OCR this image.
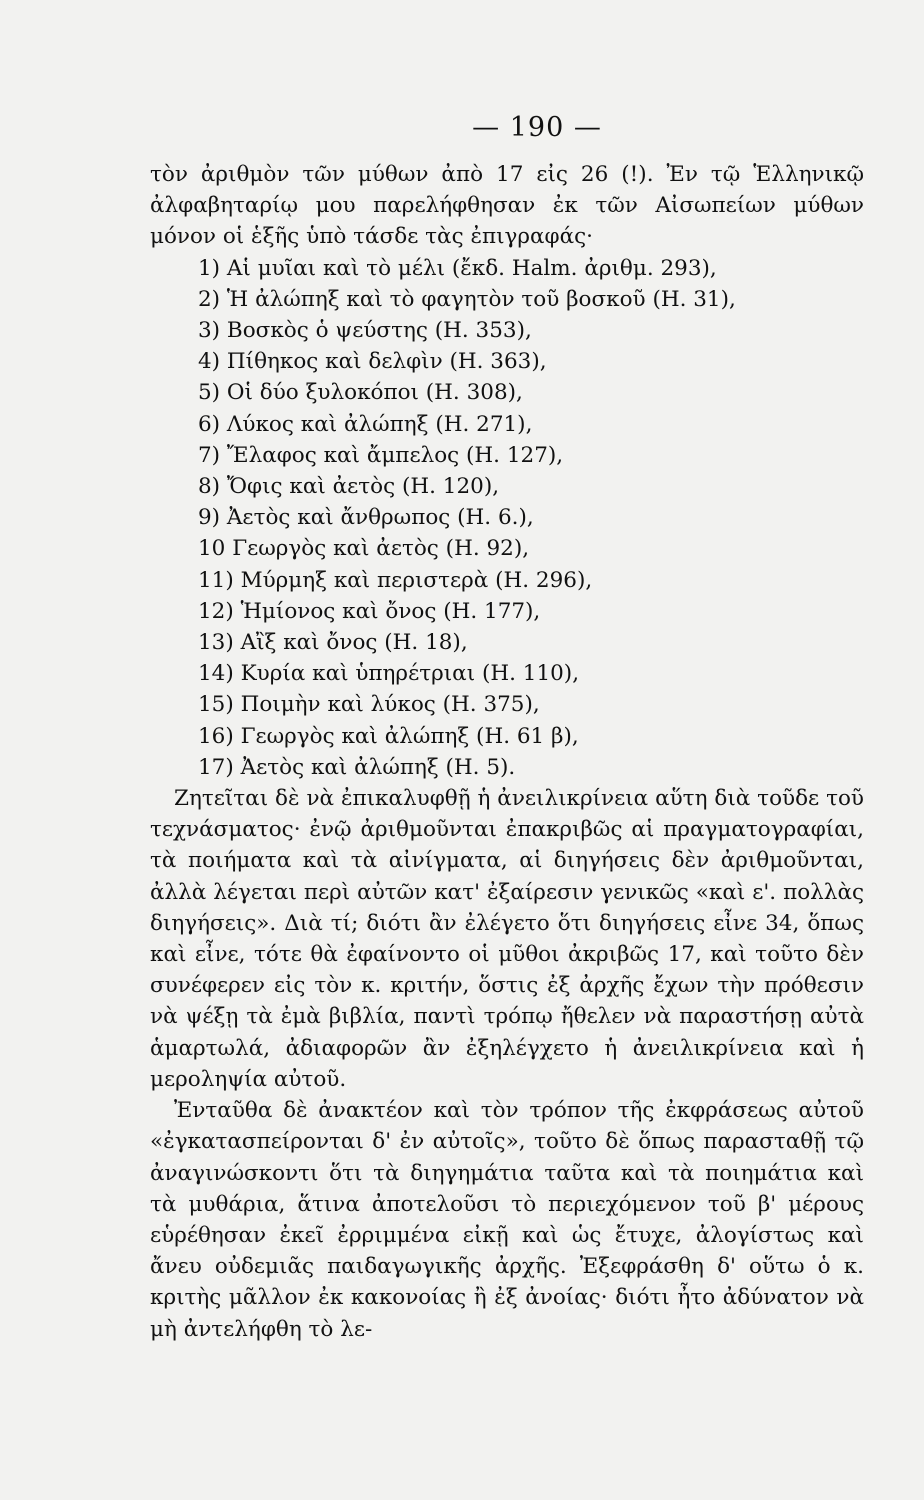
— 190 —

τὸν ἀριθμὸν τῶν μύθων ἀπὸ 17 εἰς 26 (!). Ἐν τῷ Ἑλληνικῷ ἀλφαβηταρίῳ μου παρελήφθησαν ἐκ τῶν Αἰσωπείων μύθων μόνον οἱ ἑξῆς ὑπὸ τάσδε τὰς ἐπιγραφάς·

1) Αἱ μυῖαι καὶ τὸ μέλι (ἔκδ. Halm. ἀριθμ. 293),
2) Ἡ ἀλώπηξ καὶ τὸ φαγητὸν τοῦ βοσκοῦ (Η. 31),
3) Βοσκὸς ὁ ψεύστης (Η. 353),
4) Πίθηκος καὶ δελφὶν (Η. 363),
5) Οἱ δύο ξυλοκόποι (Η. 308),
6) Λύκος καὶ ἀλώπηξ (Η. 271),
7) Ἔλαφος καὶ ἄμπελος (Η. 127),
8) Ὄφις καὶ ἀετὸς (Η. 120),
9) Ἀετὸς καὶ ἄνθρωπος (Η. 6.),
10 Γεωργὸς καὶ ἀετὸς (Η. 92),
11) Μύρμηξ καὶ περιστερὰ (Η. 296),
12) Ἡμίονος καὶ ὄνος (Η. 177),
13) Αἲξ καὶ ὄνος (Η. 18),
14) Κυρία καὶ ὑπηρέτριαι (Η. 110),
15) Ποιμὴν καὶ λύκος (Η. 375),
16) Γεωργὸς καὶ ἀλώπηξ (Η. 61 β),
17) Ἀετὸς καὶ ἀλώπηξ (Η. 5).

Ζητεῖται δὲ νὰ ἐπικαλυφθῇ ἡ ἀνειλικρίνεια αὕτη διὰ τοῦδε τοῦ τεχνάσματος· ἐνῷ ἀριθμοῦνται ἐπακριβῶς αἱ πραγματογραφίαι, τὰ ποιήματα καὶ τὰ αἰνίγματα, αἱ διηγήσεις δὲν ἀριθμοῦνται, ἀλλὰ λέγεται περὶ αὐτῶν κατ' ἐξαίρεσιν γενικῶς «καὶ ε'. πολλὰς διηγήσεις». Διὰ τί; διότι ἂν ἐλέγετο ὅτι διηγήσεις εἶνε 34, ὅπως καὶ εἶνε, τότε θὰ ἐφαίνοντο οἱ μῦθοι ἀκριβῶς 17, καὶ τοῦτο δὲν συνέφερεν εἰς τὸν κ. κριτήν, ὅστις ἐξ ἀρχῆς ἔχων τὴν πρόθεσιν νὰ ψέξῃ τὰ ἐμὰ βιβλία, παντὶ τρόπῳ ἤθελεν νὰ παραστήσῃ αὐτὰ ἁμαρτωλά, ἀδιαφορῶν ἂν ἐξηλέγχετο ἡ ἀνειλικρίνεια καὶ ἡ μεροληψία αὐτοῦ.

Ἐνταῦθα δὲ ἀνακτέον καὶ τὸν τρόπον τῆς ἐκφράσεως αὐτοῦ «ἐγκατασπείρονται δ' ἐν αὐτοῖς», τοῦτο δὲ ὅπως παρασταθῇ τῷ ἀναγινώσκοντι ὅτι τὰ διηγημάτια ταῦτα καὶ τὰ ποιημάτια καὶ τὰ μυθάρια, ἅτινα ἀποτελοῦσι τὸ περιεχόμενον τοῦ β' μέρους εὑρέθησαν ἐκεῖ ἐρριμμένα εἰκῇ καὶ ὡς ἔτυχε, ἀλογίστως καὶ ἄνευ οὐδεμιᾶς παιδαγωγικῆς ἀρχῆς. Ἐξεφράσθη δ' οὕτω ὁ κ. κριτὴς μᾶλλον ἐκ κακονοίας ἢ ἐξ ἀνοίας· διότι ἦτο ἀδύνατον νὰ μὴ ἀντελήφθη τὸ λε-
